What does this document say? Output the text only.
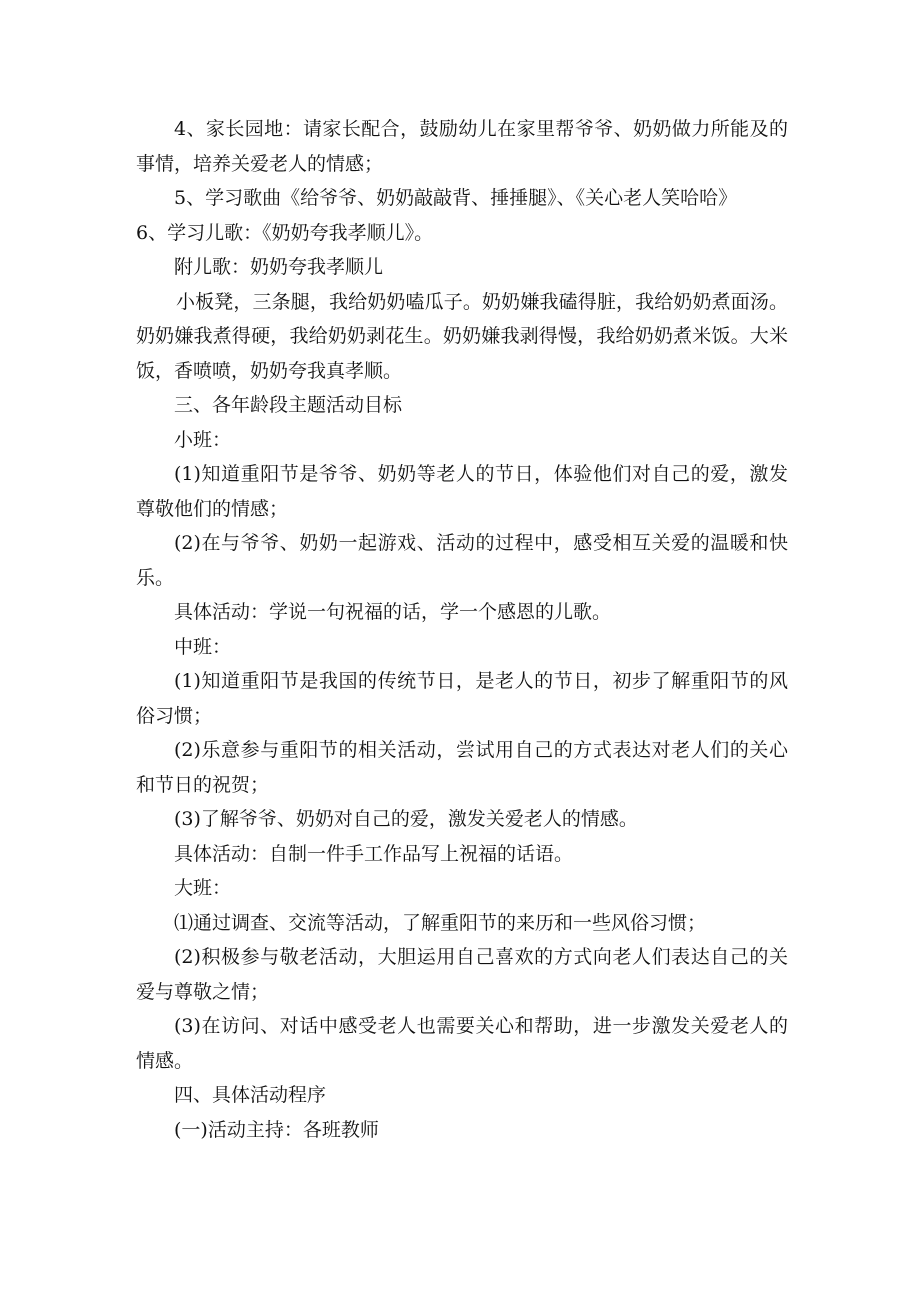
4、家长园地：请家长配合，鼓励幼儿在家里帮爷爷、奶奶做力所能及的事情，培养关爱老人的情感；

5、学习歌曲《给爷爷、奶奶敲敲背、捶捶腿》、《关心老人笑哈哈》

6、学习儿歌：《奶奶夸我孝顺儿》。

附儿歌：奶奶夸我孝顺儿

小板凳，三条腿，我给奶奶嗑瓜子。奶奶嫌我磕得脏，我给奶奶煮面汤。奶奶嫌我煮得硬，我给奶奶剥花生。奶奶嫌我剥得慢，我给奶奶煮米饭。大米饭，香喷喷，奶奶夸我真孝顺。

三、各年龄段主题活动目标

小班：

(1)知道重阳节是爷爷、奶奶等老人的节日，体验他们对自己的爱，激发尊敬他们的情感；

(2)在与爷爷、奶奶一起游戏、活动的过程中，感受相互关爱的温暖和快乐。

具体活动：学说一句祝福的话，学一个感恩的儿歌。

中班：

(1)知道重阳节是我国的传统节日，是老人的节日，初步了解重阳节的风俗习惯；

(2)乐意参与重阳节的相关活动，尝试用自己的方式表达对老人们的关心和节日的祝贺；

(3)了解爷爷、奶奶对自己的爱，激发关爱老人的情感。

具体活动：自制一件手工作品写上祝福的话语。

大班：

⑴通过调查、交流等活动，了解重阳节的来历和一些风俗习惯；

(2)积极参与敬老活动，大胆运用自己喜欢的方式向老人们表达自己的关爱与尊敬之情；

(3)在访问、对话中感受老人也需要关心和帮助，进一步激发关爱老人的情感。

四、具体活动程序

(一)活动主持：各班教师
